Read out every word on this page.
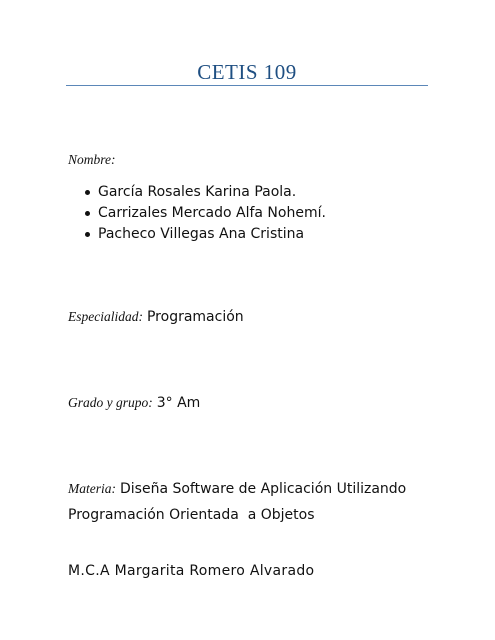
CETIS 109
Nombre:
García Rosales Karina Paola.
Carrizales Mercado Alfa Nohemí.
Pacheco Villegas Ana Cristina
Especialidad: Programación
Grado y grupo: 3° Am
Materia: Diseña Software de Aplicación Utilizando
Programación Orientada  a Objetos
M.C.A Margarita Romero Alvarado
